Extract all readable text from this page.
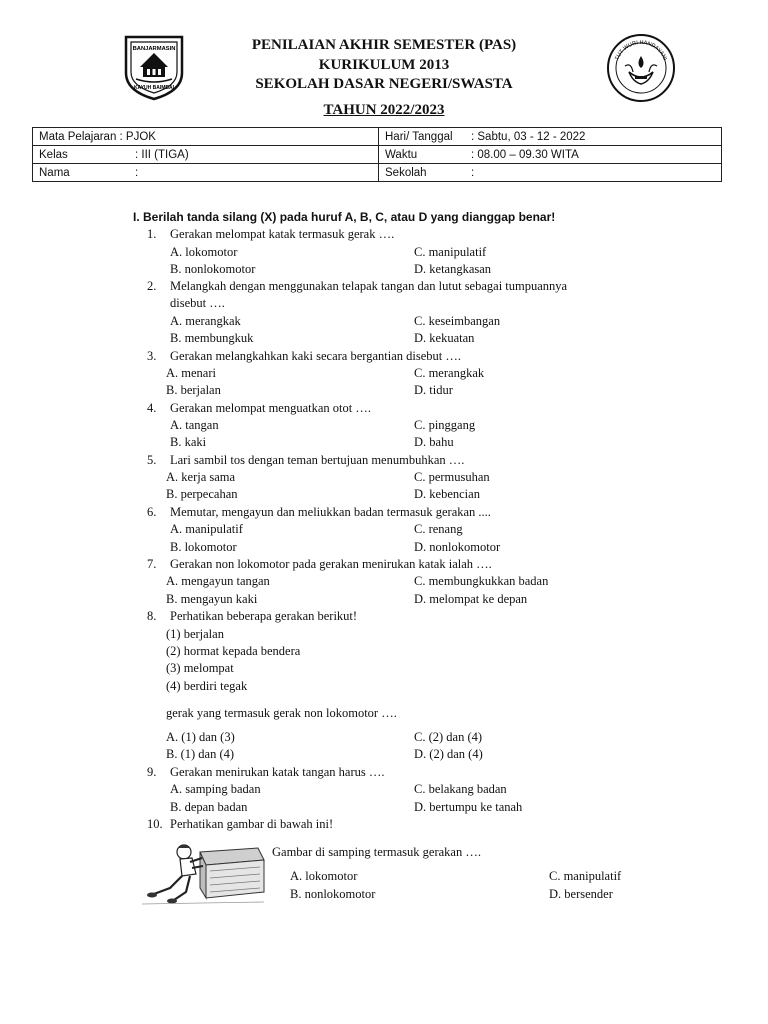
PENILAIAN AKHIR SEMESTER (PAS)
KURIKULUM 2013
SEKOLAH DASAR NEGERI/SWASTA
TAHUN 2022/2023
BANJARMASIN
KAYUH BAIMBAI
TUT WURI HANDAYANI
Mata Pelajaran : PJOK	Hari/ Tanggal : Sabtu, 03 - 12 - 2022
Kelas : III (TIGA)	Waktu : 08.00 – 09.30 WITA
Nama :	Sekolah :
I. Berilah tanda silang (X) pada huruf A, B, C, atau D yang dianggap benar!
1. Gerakan melompat katak termasuk gerak ….
A. lokomotor
B. nonlokomotor
C. manipulatif
D. ketangkasan
2. Melangkah dengan menggunakan telapak tangan dan lutut sebagai tumpuannya
disebut ….
A. merangkak
B. membungkuk
C. keseimbangan
D. kekuatan
3. Gerakan melangkahkan kaki secara bergantian disebut ….
A. menari
B. berjalan
C. merangkak
D. tidur
4. Gerakan melompat menguatkan otot ….
A. tangan
B. kaki
C. pinggang
D. bahu
5. Lari sambil tos dengan teman bertujuan menumbuhkan ….
A. kerja sama
B. perpecahan
C. permusuhan
D. kebencian
6. Memutar, mengayun dan meliukkan badan termasuk gerakan ....
A. manipulatif
B. lokomotor
C. renang
D. nonlokomotor
7. Gerakan non lokomotor pada gerakan menirukan katak ialah ….
A. mengayun tangan
B. mengayun kaki
C. membungkukkan badan
D. melompat ke depan
8. Perhatikan beberapa gerakan berikut!
(1) berjalan
(2) hormat kepada bendera
(3) melompat
(4) berdiri tegak
gerak yang termasuk gerak non lokomotor ….
A. (1) dan (3)
B. (1) dan (4)
C. (2) dan (4)
D. (2) dan (4)
9. Gerakan menirukan katak tangan harus ….
A. samping badan
B. depan badan
C. belakang badan
D. bertumpu ke tanah
10. Perhatikan gambar di bawah ini!
Gambar di samping termasuk gerakan ….
A. lokomotor
B. nonlokomotor
C. manipulatif
D. bersender
